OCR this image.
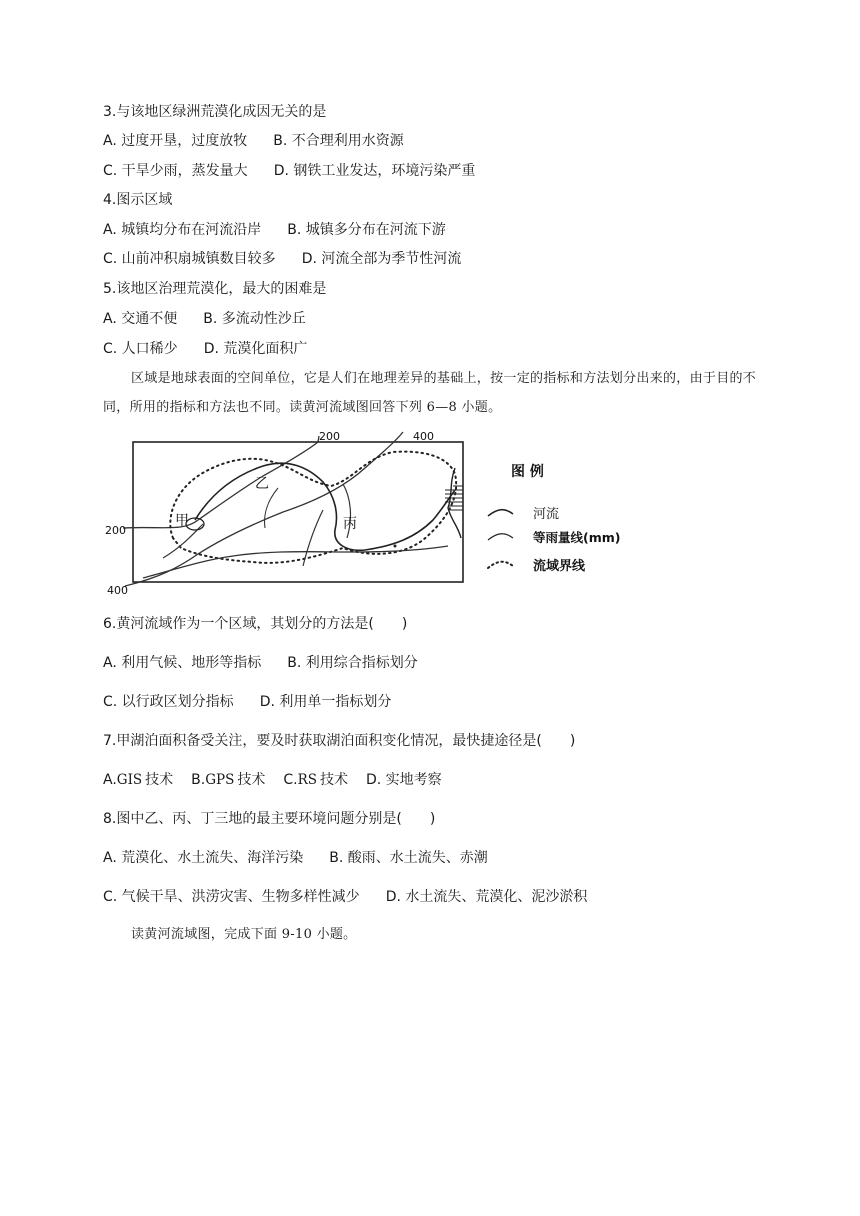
3.与该地区绿洲荒漠化成因无关的是
A. 过度开垦，过度放牧 B. 不合理利用水资源
C. 干旱少雨，蒸发量大 D. 钢铁工业发达，环境污染严重
4.图示区域
A. 城镇均分布在河流沿岸 B. 城镇多分布在河流下游
C. 山前冲积扇城镇数目较多 D. 河流全部为季节性河流
5.该地区治理荒漠化，最大的困难是
A. 交通不便 B. 多流动性沙丘
C. 人口稀少 D. 荒漠化面积广
区域是地球表面的空间单位，它是人们在地理差异的基础上，按一定的指标和方法划分出来的，由于目的不同，所用的指标和方法也不同。读黄河流域图回答下列 6—8 小题。
200	400
200
400
甲
乙
丙
图 例
河流
等雨量线(mm)
流域界线
6.黄河流域作为一个区域，其划分的方法是(　　)
A. 利用气候、地形等指标 B. 利用综合指标划分
C. 以行政区划分指标 D. 利用单一指标划分
7.甲湖泊面积备受关注，要及时获取湖泊面积变化情况，最快捷途径是(　　)
A.GIS 技术 B.GPS 技术 C.RS 技术 D. 实地考察
8.图中乙、丙、丁三地的最主要环境问题分别是(　　)
A. 荒漠化、水土流失、海洋污染 B. 酸雨、水土流失、赤潮
C. 气候干旱、洪涝灾害、生物多样性减少 D. 水土流失、荒漠化、泥沙淤积
读黄河流域图，完成下面 9-10 小题。
